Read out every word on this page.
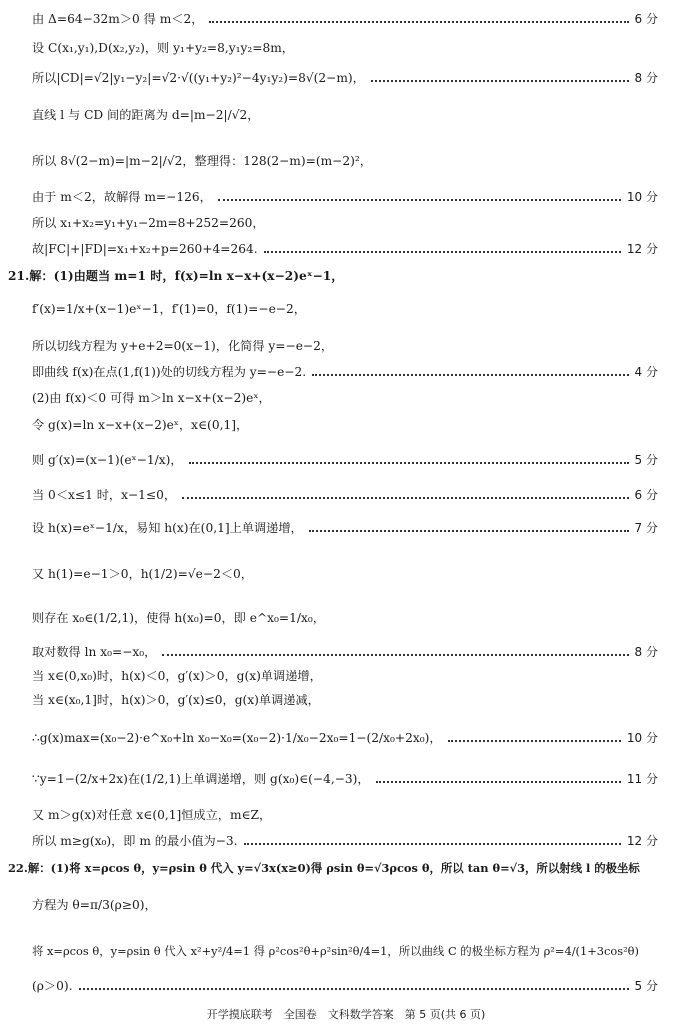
由 Δ=64−32m＞0 得 m＜2，	6 分
设 C(x₁,y₁),D(x₂,y₂)，则 y₁+y₂=8,y₁y₂=8m，
所以|CD|=√2|y₁−y₂|=√2·√((y₁+y₂)²−4y₁y₂)=8√(2−m)，	8 分
直线 l 与 CD 间的距离为 d=|m−2|/√2，
所以 8√(2−m)=|m−2|/√2，整理得：128(2−m)=(m−2)²，
由于 m＜2，故解得 m=−126，	10 分
所以 x₁+x₂=y₁+y₁−2m=8+252=260，
故|FC|+|FD|=x₁+x₂+p=260+4=264.	12 分
21.解：(1)由题当 m=1 时，f(x)=ln x−x+(x−2)eˣ−1，
f′(x)=1/x+(x−1)eˣ−1，f′(1)=0，f(1)=−e−2，
所以切线方程为 y+e+2=0(x−1)，化简得 y=−e−2，
即曲线 f(x)在点(1,f(1))处的切线方程为 y=−e−2.	4 分
(2)由 f(x)＜0 可得 m＞ln x−x+(x−2)eˣ，
令 g(x)=ln x−x+(x−2)eˣ，x∈(0,1]，
则 g′(x)=(x−1)(eˣ−1/x)，	5 分
当 0＜x≤1 时，x−1≤0，	6 分
设 h(x)=eˣ−1/x，易知 h(x)在(0,1]上单调递增，	7 分
又 h(1)=e−1＞0，h(1/2)=√e−2＜0，
则存在 x₀∈(1/2,1)，使得 h(x₀)=0，即 e^x₀=1/x₀，
取对数得 ln x₀=−x₀，	8 分
当 x∈(0,x₀)时，h(x)＜0，g′(x)＞0，g(x)单调递增，
当 x∈(x₀,1]时，h(x)＞0，g′(x)≤0，g(x)单调递减，
∴g(x)max=(x₀−2)·e^x₀+ln x₀−x₀=(x₀−2)·1/x₀−2x₀=1−(2/x₀+2x₀)，	10 分
∵y=1−(2/x+2x)在(1/2,1)上单调递增，则 g(x₀)∈(−4,−3)，	11 分
又 m＞g(x)对任意 x∈(0,1]恒成立，m∈Z，
所以 m≥g(x₀)，即 m 的最小值为−3.	12 分
22.解：(1)将 x=ρcos θ，y=ρsin θ 代入 y=√3x(x≥0)得 ρsin θ=√3ρcos θ，所以 tan θ=√3，所以射线 l 的极坐标
方程为 θ=π/3(ρ≥0)，
将 x=ρcos θ，y=ρsin θ 代入 x²+y²/4=1 得 ρ²cos²θ+ρ²sin²θ/4=1，所以曲线 C 的极坐标方程为 ρ²=4/(1+3cos²θ)
(ρ＞0).	5 分
开学摸底联考　全国卷　文科数学答案　第 5 页(共 6 页)
